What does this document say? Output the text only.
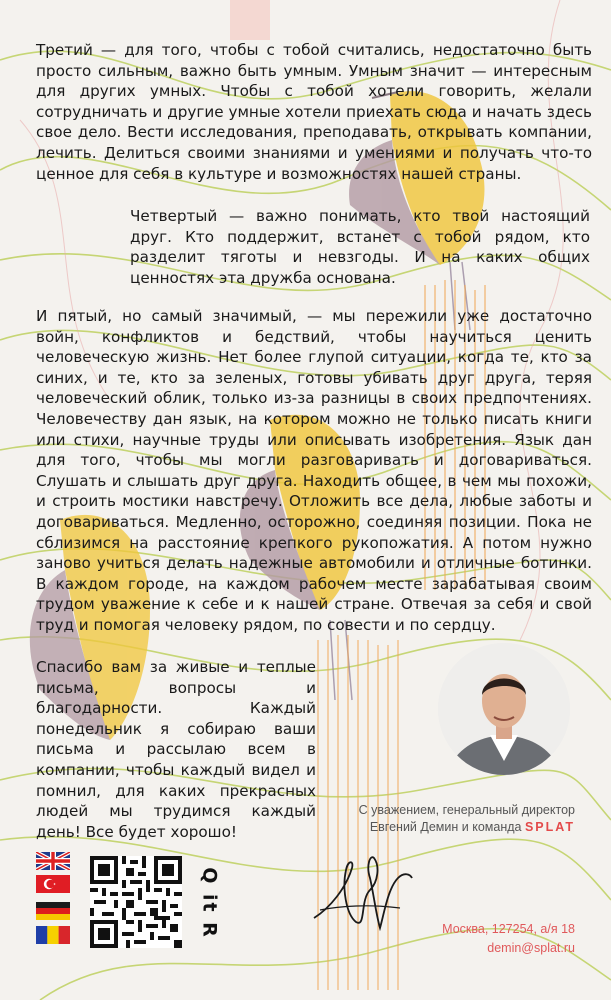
Третий — для того, чтобы с тобой считались, недостаточно быть просто сильным, важно быть умным. Умным значит — интересным для других умных. Чтобы с тобой хотели говорить, желали сотрудничать и другие умные хотели приехать сюда и начать здесь свое дело. Вести исследования, преподавать, открывать компании, лечить. Делиться своими знаниями и умениями и получать что-то ценное для себя в культуре и возможностях нашей страны.

Четвертый — важно понимать, кто твой настоящий друг. Кто поддержит, встанет с тобой рядом, кто разделит тяготы и невзгоды. И на каких общих ценностях эта дружба основана.

И пятый, но самый значимый, — мы пережили уже достаточно войн, конфликтов и бедствий, чтобы научиться ценить человеческую жизнь. Нет более глупой ситуации, когда те, кто за синих, и те, кто за зеленых, готовы убивать друг друга, теряя человеческий облик, только из-за разницы в своих предпочтениях. Человечеству дан язык, на котором можно не только писать книги или стихи, научные труды или описывать изобретения. Язык дан для того, чтобы мы могли разговаривать и договариваться. Слушать и слышать друг друга. Находить общее, в чем мы похожи, и строить мостики навстречу. Отложить все дела, любые заботы и договариваться. Медленно, осторожно, соединяя позиции. Пока не сблизимся на расстояние крепкого рукопожатия. А потом нужно заново учиться делать надежные автомобили и отличные ботинки. В каждом городе, на каждом рабочем месте зарабатывая своим трудом уважение к себе и к нашей стране. Отвечая за себя и свой труд и помогая человеку рядом, по совести и по сердцу.

Спасибо вам за живые и теплые письма, вопросы и благодарности. Каждый понедельник я собираю ваши письма и рассылаю всем в компании, чтобы каждый видел и помнил, для каких прекрасных людей мы трудимся каждый день! Все будет хорошо!

С уважением, генеральный директор
Евгений Демин и команда SPLAT
Q it R	Москва, 127254, а/я 18
demin@splat.ru
